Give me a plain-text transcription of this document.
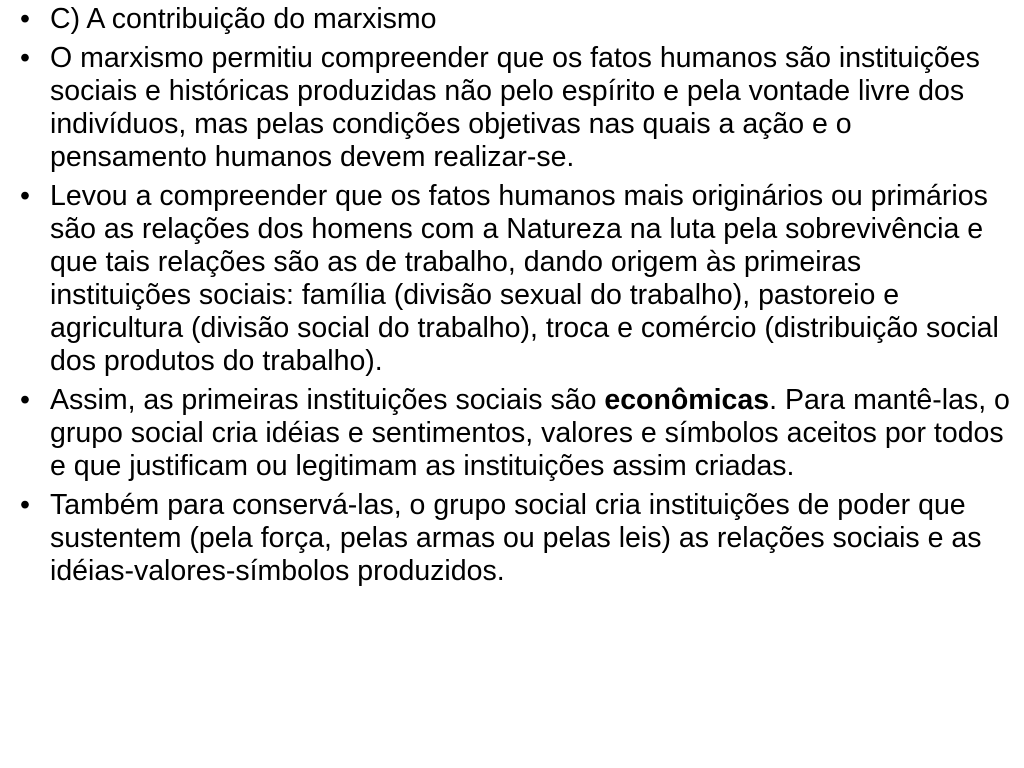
• C) A contribuição do marxismo
• O marxismo permitiu compreender que os fatos humanos são instituições sociais e históricas produzidas não pelo espírito e pela vontade livre dos indivíduos, mas pelas condições objetivas nas quais a ação e o pensamento humanos devem realizar-se.
• Levou a compreender que os fatos humanos mais originários ou primários são as relações dos homens com a Natureza na luta pela sobrevivência e que tais relações são as de trabalho, dando origem às primeiras instituições sociais: família (divisão sexual do trabalho), pastoreio e agricultura (divisão social do trabalho), troca e comércio (distribuição social dos produtos do trabalho).
• Assim, as primeiras instituições sociais são econômicas. Para mantê-las, o grupo social cria idéias e sentimentos, valores e símbolos aceitos por todos e que justificam ou legitimam as instituições assim criadas.
• Também para conservá-las, o grupo social cria instituições de poder que sustentem (pela força, pelas armas ou pelas leis) as relações sociais e as idéias-valores-símbolos produzidos.
